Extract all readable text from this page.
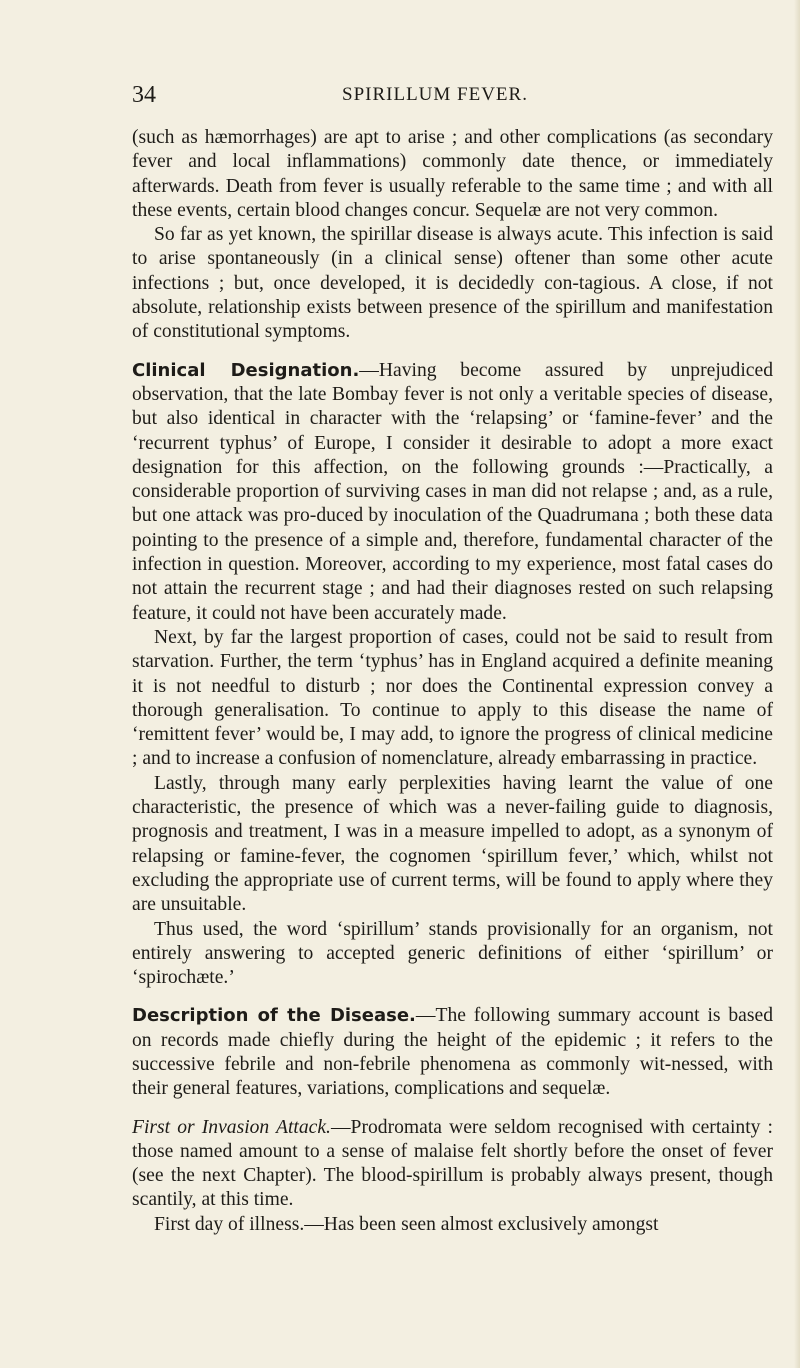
34	SPIRILLUM FEVER.

(such as hæmorrhages) are apt to arise ; and other complications (as secondary fever and local inflammations) commonly date thence, or immediately afterwards. Death from fever is usually referable to the same time ; and with all these events, certain blood changes concur. Sequelæ are not very common.

So far as yet known, the spirillar disease is always acute. This infection is said to arise spontaneously (in a clinical sense) oftener than some other acute infections ; but, once developed, it is decidedly con-tagious. A close, if not absolute, relationship exists between presence of the spirillum and manifestation of constitutional symptoms.

Clinical Designation.—Having become assured by unprejudiced observation, that the late Bombay fever is not only a veritable species of disease, but also identical in character with the ‘relapsing’ or ‘famine-fever’ and the ‘recurrent typhus’ of Europe, I consider it desirable to adopt a more exact designation for this affection, on the following grounds :—Practically, a considerable proportion of surviving cases in man did not relapse ; and, as a rule, but one attack was pro-duced by inoculation of the Quadrumana ; both these data pointing to the presence of a simple and, therefore, fundamental character of the infection in question. Moreover, according to my experience, most fatal cases do not attain the recurrent stage ; and had their diagnoses rested on such relapsing feature, it could not have been accurately made.

Next, by far the largest proportion of cases, could not be said to result from starvation. Further, the term ‘typhus’ has in England acquired a definite meaning it is not needful to disturb ; nor does the Continental expression convey a thorough generalisation. To continue to apply to this disease the name of ‘remittent fever’ would be, I may add, to ignore the progress of clinical medicine ; and to increase a confusion of nomenclature, already embarrassing in practice.

Lastly, through many early perplexities having learnt the value of one characteristic, the presence of which was a never-failing guide to diagnosis, prognosis and treatment, I was in a measure impelled to adopt, as a synonym of relapsing or famine-fever, the cognomen ‘spirillum fever,’ which, whilst not excluding the appropriate use of current terms, will be found to apply where they are unsuitable.

Thus used, the word ‘spirillum’ stands provisionally for an organism, not entirely answering to accepted generic definitions of either ‘spirillum’ or ‘spirochæte.’

Description of the Disease.—The following summary account is based on records made chiefly during the height of the epidemic ; it refers to the successive febrile and non-febrile phenomena as commonly wit-nessed, with their general features, variations, complications and sequelæ.

First or Invasion Attack.—Prodromata were seldom recognised with certainty : those named amount to a sense of malaise felt shortly before the onset of fever (see the next Chapter). The blood-spirillum is probably always present, though scantily, at this time.

First day of illness.—Has been seen almost exclusively amongst
